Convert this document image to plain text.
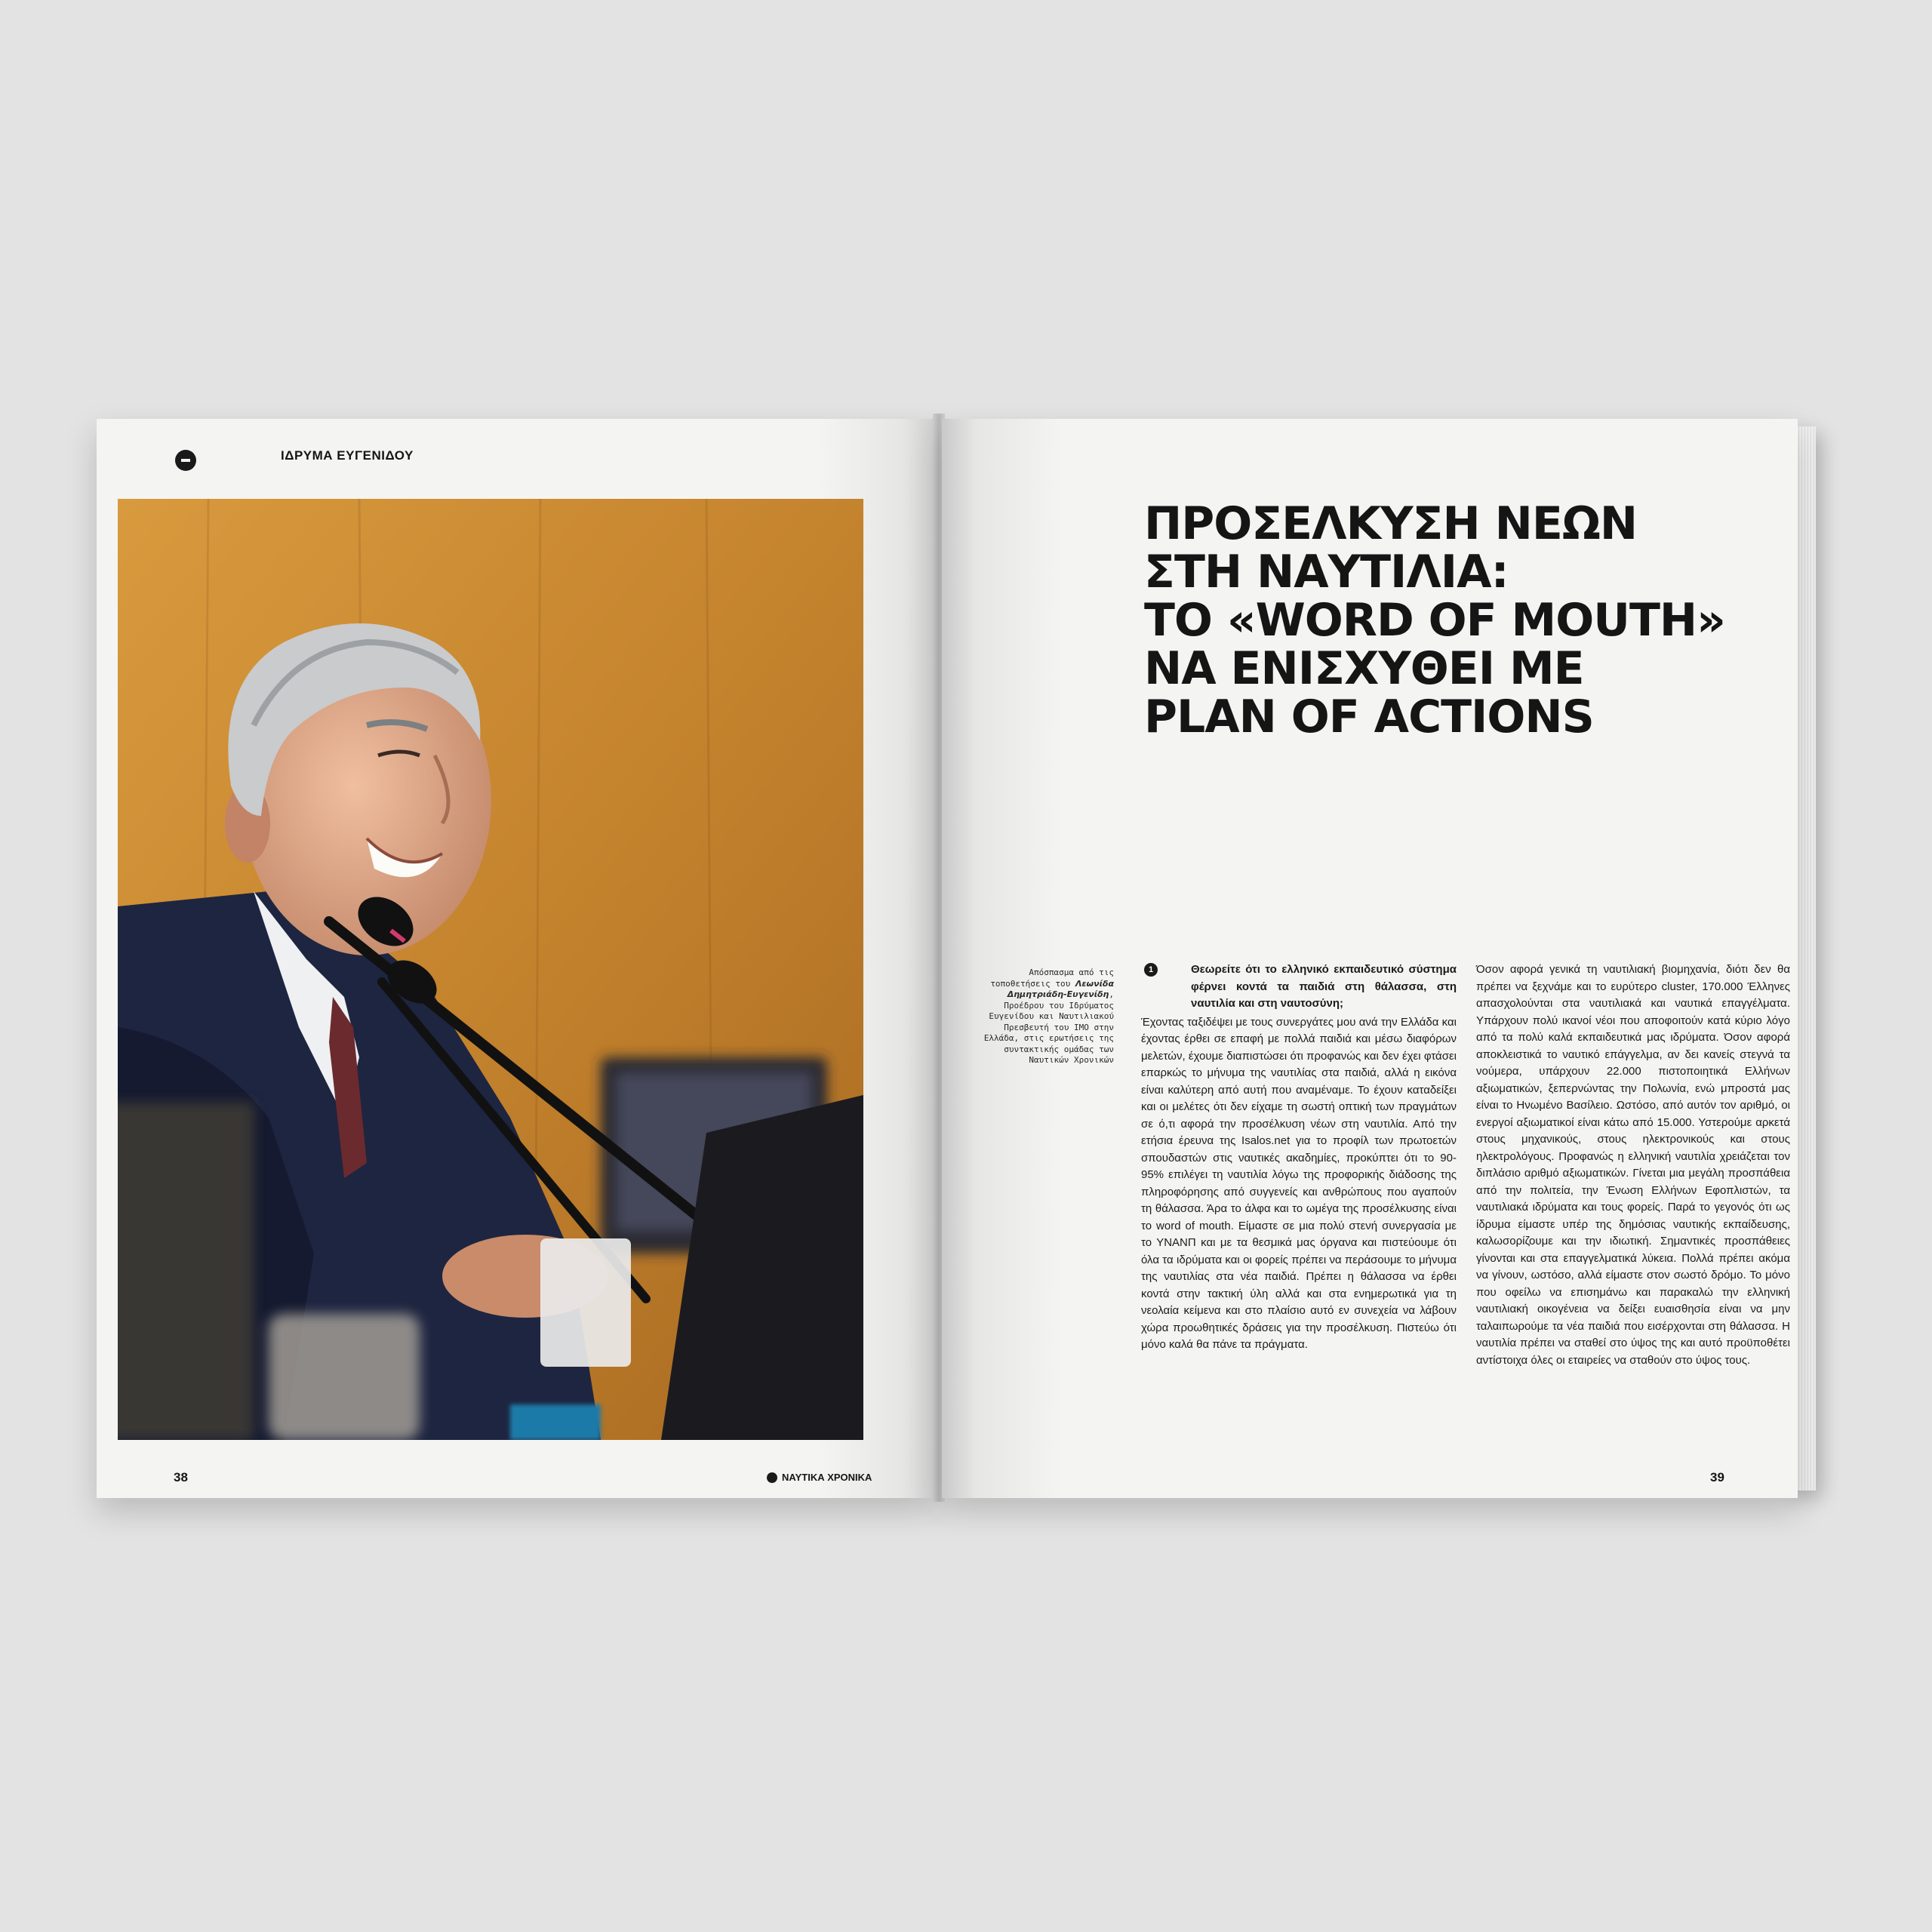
ΙΔΡΥΜΑ ΕΥΓΕΝΙΔΟΥ
38	ΝΑΥΤΙΚΑ ΧΡΟΝΙΚΑ
ΠΡΟΣΕΛΚΥΣΗ ΝΕΩΝ
ΣΤΗ ΝΑΥΤΙΛΙΑ:
ΤΟ «WORD OF MOUTH»
ΝΑ ΕΝΙΣΧΥΘΕΙ ΜΕ
PLAN OF ACTIONS
Απόσπασμα από τις τοποθετήσεις του Λεωνίδα Δημητριάδη-Ευγενίδη, Προέδρου του Ιδρύματος Ευγενίδου και Ναυτιλιακού Πρεσβευτή του ΙΜΟ στην Ελλάδα, στις ερωτήσεις της συντακτικής ομάδας των Ναυτικών Χρονικών
1	Θεωρείτε ότι το ελληνικό εκπαιδευτικό σύστημα φέρνει κοντά τα παιδιά στη θάλασσα, στη ναυτιλία και στη ναυτοσύνη;

Έχοντας ταξιδέψει με τους συνεργάτες μου ανά την Ελλάδα και έχοντας έρθει σε επαφή με πολλά παιδιά και μέσω διαφόρων μελετών, έχουμε διαπιστώσει ότι προφανώς και δεν έχει φτάσει επαρκώς το μήνυμα της ναυτιλίας στα παιδιά, αλλά η εικόνα είναι καλύτερη από αυτή που αναμέναμε. Το έχουν καταδείξει και οι μελέτες ότι δεν είχαμε τη σωστή οπτική των πραγμάτων σε ό,τι αφορά την προσέλκυση νέων στη ναυτιλία. Από την ετήσια έρευνα της Isalos.net για το προφίλ των πρωτοετών σπουδαστών στις ναυτικές ακαδημίες, προκύπτει ότι το 90-95% επιλέγει τη ναυτιλία λόγω της προφορικής διάδοσης της πληροφόρησης από συγγενείς και ανθρώπους που αγαπούν τη θάλασσα. Άρα το άλφα και το ωμέγα της προσέλκυσης είναι το word of mouth. Είμαστε σε μια πολύ στενή συνεργασία με το ΥΝΑΝΠ και με τα θεσμικά μας όργανα και πιστεύουμε ότι όλα τα ιδρύματα και οι φορείς πρέπει να περάσουμε το μήνυμα της ναυτιλίας στα νέα παιδιά. Πρέπει η θάλασσα να έρθει κοντά στην τακτική ύλη αλλά και στα ενημερωτικά για τη νεολαία κείμενα και στο πλαίσιο αυτό εν συνεχεία να λάβουν χώρα προωθητικές δράσεις για την προσέλκυση. Πιστεύω ότι μόνο καλά θα πάνε τα πράγματα.

Όσον αφορά γενικά τη ναυτιλιακή βιομηχανία, διότι δεν θα πρέπει να ξεχνάμε και το ευρύτερο cluster, 170.000 Έλληνες απασχολούνται στα ναυτιλιακά και ναυτικά επαγγέλματα. Υπάρχουν πολύ ικανοί νέοι που αποφοιτούν κατά κύριο λόγο από τα πολύ καλά εκπαιδευτικά μας ιδρύματα. Όσον αφορά αποκλειστικά το ναυτικό επάγγελμα, αν δει κανείς στεγνά τα νούμερα, υπάρχουν 22.000 πιστοποιητικά Ελλήνων αξιωματικών, ξεπερνώντας την Πολωνία, ενώ μπροστά μας είναι το Ηνωμένο Βασίλειο. Ωστόσο, από αυτόν τον αριθμό, οι ενεργοί αξιωματικοί είναι κάτω από 15.000. Υστερούμε αρκετά στους μηχανικούς, στους ηλεκτρονικούς και στους ηλεκτρολόγους. Προφανώς η ελληνική ναυτιλία χρειάζεται τον διπλάσιο αριθμό αξιωματικών. Γίνεται μια μεγάλη προσπάθεια από την πολιτεία, την Ένωση Ελλήνων Εφοπλιστών, τα ναυτιλιακά ιδρύματα και τους φορείς. Παρά το γεγονός ότι ως ίδρυμα είμαστε υπέρ της δημόσιας ναυτικής εκπαίδευσης, καλωσορίζουμε και την ιδιωτική. Σημαντικές προσπάθειες γίνονται και στα επαγγελματικά λύκεια. Πολλά πρέπει ακόμα να γίνουν, ωστόσο, αλλά είμαστε στον σωστό δρόμο. Το μόνο που οφείλω να επισημάνω και παρακαλώ την ελληνική ναυτιλιακή οικογένεια να δείξει ευαισθησία είναι να μην ταλαιπωρούμε τα νέα παιδιά που εισέρχονται στη θάλασσα. Η ναυτιλία πρέπει να σταθεί στο ύψος της και αυτό προϋποθέτει αντίστοιχα όλες οι εταιρείες να σταθούν στο ύψος τους.

39
